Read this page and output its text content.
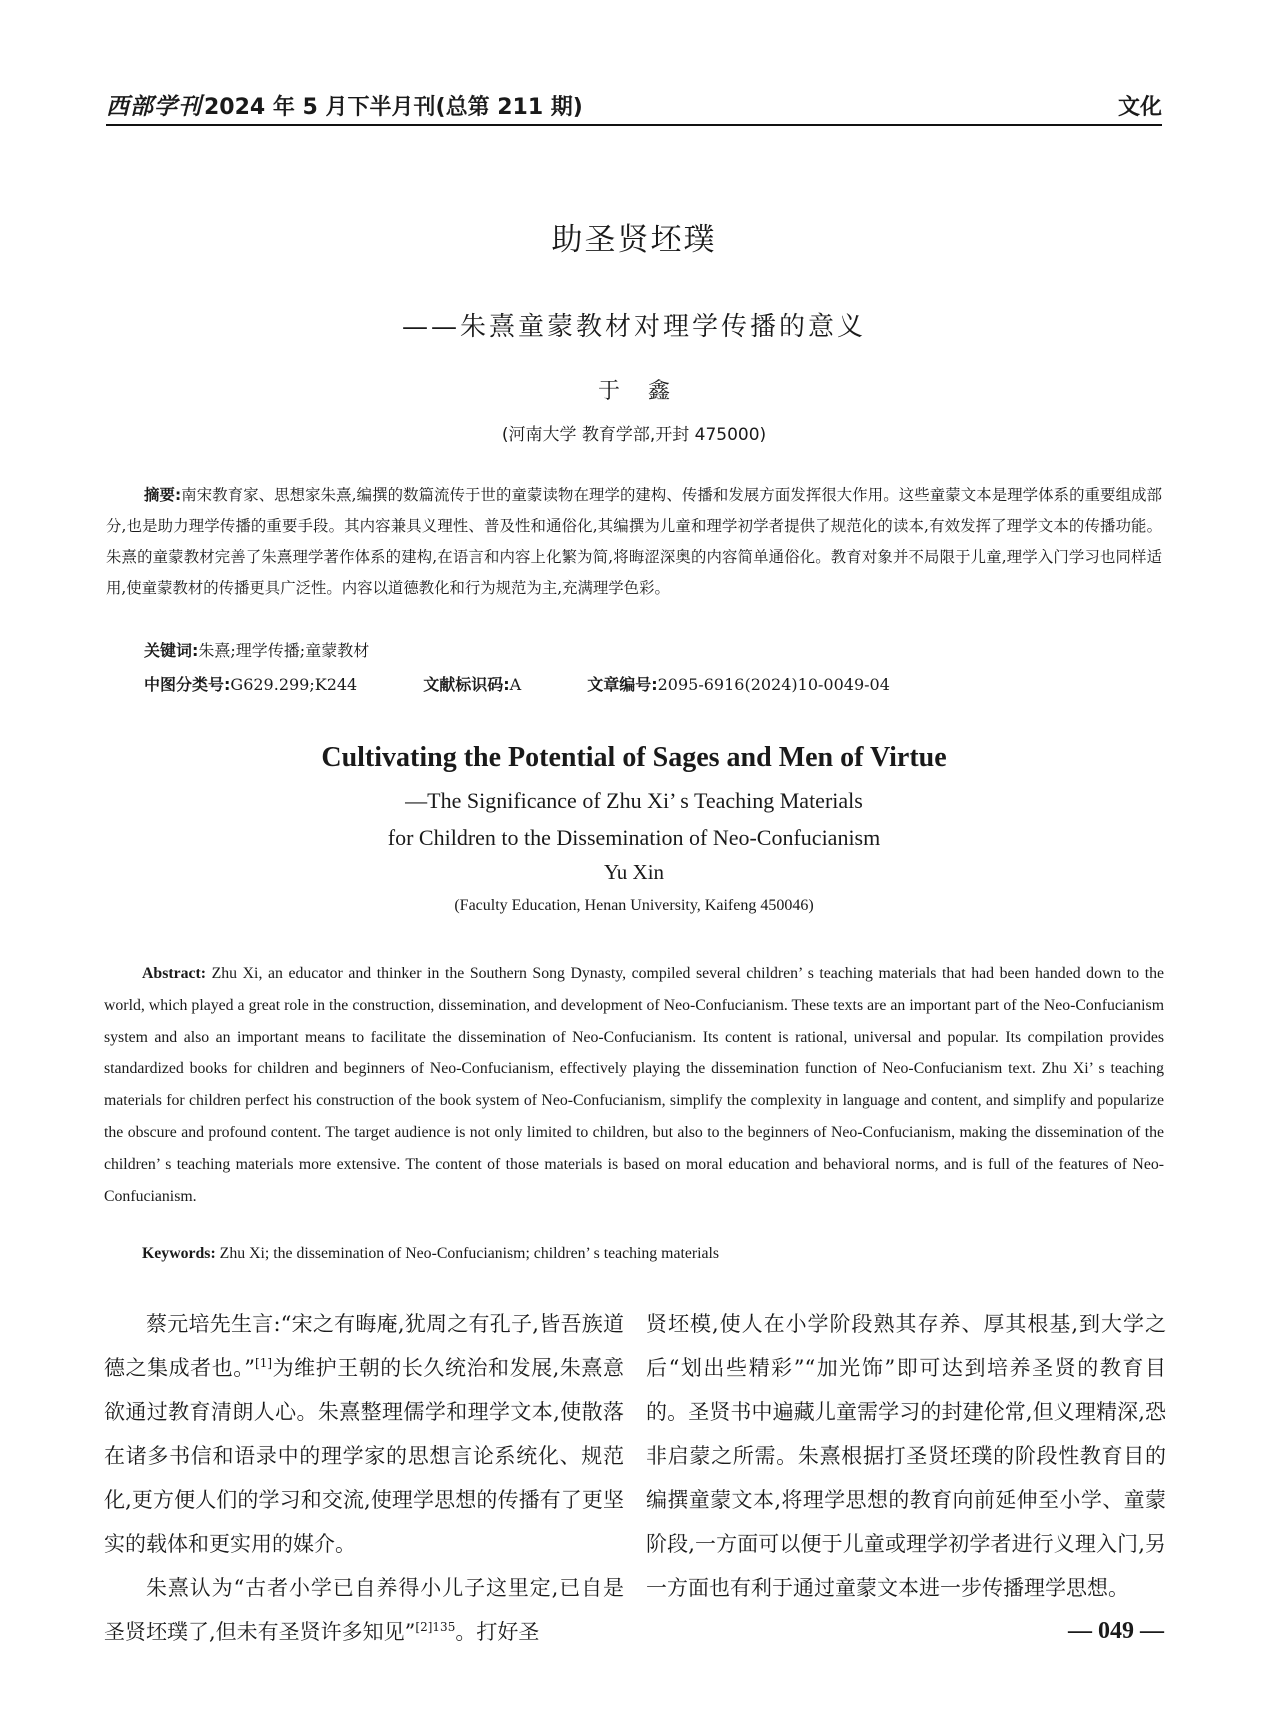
西部学刊 2024 年 5 月下半月刊(总第 211 期)	文化
助圣贤坯璞
——朱熹童蒙教材对理学传播的意义
于鑫
(河南大学 教育学部,开封 475000)

摘要:南宋教育家、思想家朱熹,编撰的数篇流传于世的童蒙读物在理学的建构、传播和发展方面发挥很大作用。这些童蒙文本是理学体系的重要组成部分,也是助力理学传播的重要手段。其内容兼具义理性、普及性和通俗化,其编撰为儿童和理学初学者提供了规范化的读本,有效发挥了理学文本的传播功能。朱熹的童蒙教材完善了朱熹理学著作体系的建构,在语言和内容上化繁为简,将晦涩深奥的内容简单通俗化。教育对象并不局限于儿童,理学入门学习也同样适用,使童蒙教材的传播更具广泛性。内容以道德教化和行为规范为主,充满理学色彩。

关键词:朱熹;理学传播;童蒙教材
中图分类号:G629.299;K244	文献标识码:A	文章编号:2095-6916(2024)10-0049-04
Cultivating the Potential of Sages and Men of Virtue
—The Significance of Zhu Xi’ s Teaching Materials
for Children to the Dissemination of Neo-Confucianism
Yu Xin
(Faculty Education, Henan University, Kaifeng 450046)

Abstract: Zhu Xi, an educator and thinker in the Southern Song Dynasty, compiled several children’ s teaching materials that had been handed down to the world, which played a great role in the construction, dissemination, and development of Neo-Confucianism. These texts are an important part of the Neo-Confucianism system and also an important means to facilitate the dissemination of Neo-Confucianism. Its content is rational, universal and popular. Its compilation provides standardized books for children and beginners of Neo-Confucianism, effectively playing the dissemination function of Neo-Confucianism text. Zhu Xi’ s teaching materials for children perfect his construction of the book system of Neo-Confucianism, simplify the complexity in language and content, and simplify and popularize the obscure and profound content. The target audience is not only limited to children, but also to the beginners of Neo-Confucianism, making the dissemination of the children’ s teaching materials more extensive. The content of those materials is based on moral education and behavioral norms, and is full of the features of Neo-Confucianism.

Keywords: Zhu Xi; the dissemination of Neo-Confucianism; children’ s teaching materials

蔡元培先生言:“宋之有晦庵,犹周之有孔子,皆吾族道德之集成者也。”[1]为维护王朝的长久统治和发展,朱熹意欲通过教育清朗人心。朱熹整理儒学和理学文本,使散落在诸多书信和语录中的理学家的思想言论系统化、规范化,更方便人们的学习和交流,使理学思想的传播有了更坚实的载体和更实用的媒介。

朱熹认为“古者小学已自养得小儿子这里定,已自是圣贤坯璞了,但未有圣贤许多知见”$^{[2]135}$。打好圣

贤坯模,使人在小学阶段熟其存养、厚其根基,到大学之后“划出些精彩”“加光饰”即可达到培养圣贤的教育目的。圣贤书中遍藏儿童需学习的封建伦常,但义理精深,恐非启蒙之所需。朱熹根据打圣贤坯璞的阶段性教育目的编撰童蒙文本,将理学思想的教育向前延伸至小学、童蒙阶段,一方面可以便于儿童或理学初学者进行义理入门,另一方面也有利于通过童蒙文本进一步传播理学思想。

— 049 —
